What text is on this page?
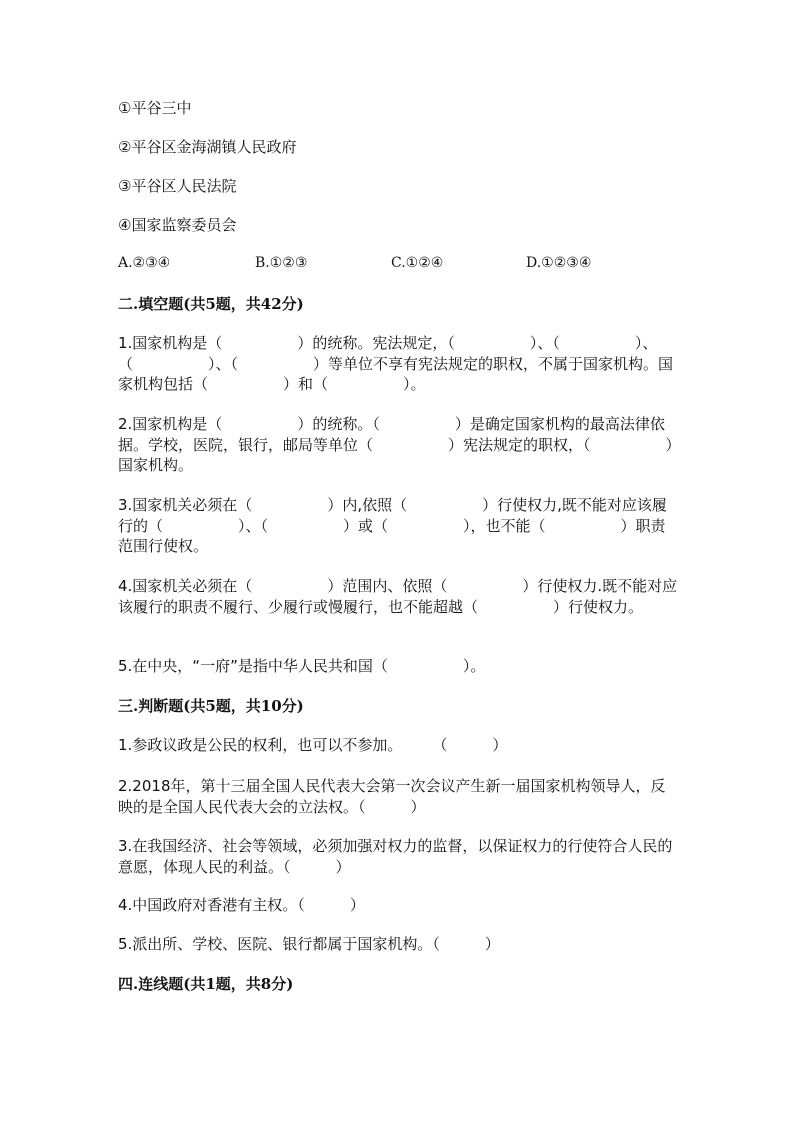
①平谷三中
②平谷区金海湖镇人民政府
③平谷区人民法院
④国家监察委员会
A.②③④	B.①②③	C.①②④	D.①②③④
二.填空题(共5题，共42分)
1.国家机构是（　　　　　）的统称。宪法规定，（　　　　　）、（　　　　　）、（　　　　　）、（　　　　　）等单位不享有宪法规定的职权，不属于国家机构。国家机构包括（　　　　　）和（　　　　　）。
2.国家机构是（　　　　　）的统称。（　　　　　）是确定国家机构的最高法律依据。学校，医院，银行，邮局等单位（　　　　　）宪法规定的职权，（　　　　　）国家机构。
3.国家机关必须在（　　　　　）内,依照（　　　　　）行使权力,既不能对应该履行的（　　　　　）、（　　　　　）或（　　　　　），也不能（　　　　　）职责范围行使权。
4.国家机关必须在（　　　　　）范围内、依照（　　　　　）行使权力.既不能对应该履行的职责不履行、少履行或慢履行，也不能超越（　　　　　）行使权力。
5.在中央，“一府”是指中华人民共和国（　　　　　）。
三.判断题(共5题，共10分)
1.参政议政是公民的权利，也可以不参加。　　　（　　　）
2.2018年，第十三届全国人民代表大会第一次会议产生新一届国家机构领导人，反映的是全国人民代表大会的立法权。（　　　）
3.在我国经济、社会等领域，必须加强对权力的监督，以保证权力的行使符合人民的意愿，体现人民的利益。（　　　）
4.中国政府对香港有主权。（　　　）
5.派出所、学校、医院、银行都属于国家机构。（　　　）
四.连线题(共1题，共8分)
